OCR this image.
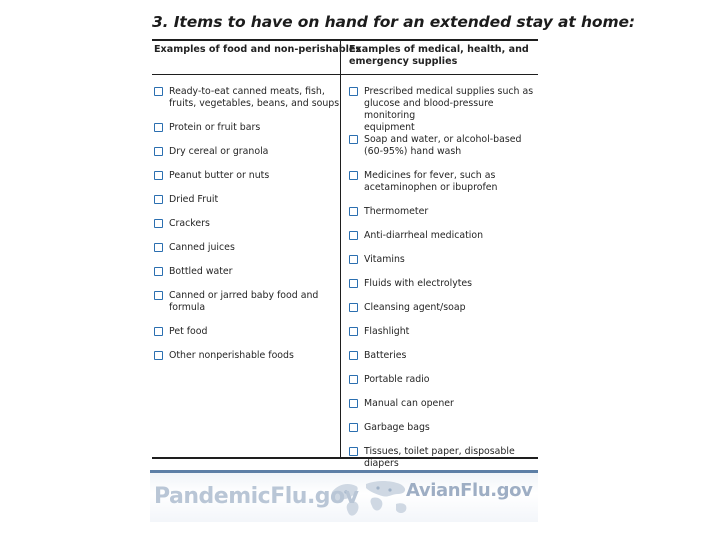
3. Items to have on hand for an extended stay at home:
Examples of food and non-perishables
Examples of medical, health, and
emergency supplies
Ready-to-eat canned meats, fish,
fruits, vegetables, beans, and soups
Protein or fruit bars
Dry cereal or granola
Peanut butter or nuts
Dried Fruit
Crackers
Canned juices
Bottled water
Canned or jarred baby food and
formula
Pet food
Other nonperishable foods
Prescribed medical supplies such as
glucose and blood-pressure monitoring
equipment
Soap and water, or alcohol-based
(60-95%) hand wash
Medicines for fever, such as
acetaminophen or ibuprofen
Thermometer
Anti-diarrheal medication
Vitamins
Fluids with electrolytes
Cleansing agent/soap
Flashlight
Batteries
Portable radio
Manual can opener
Garbage bags
Tissues, toilet paper, disposable diapers
PandemicFlu.gov	AvianFlu.gov
